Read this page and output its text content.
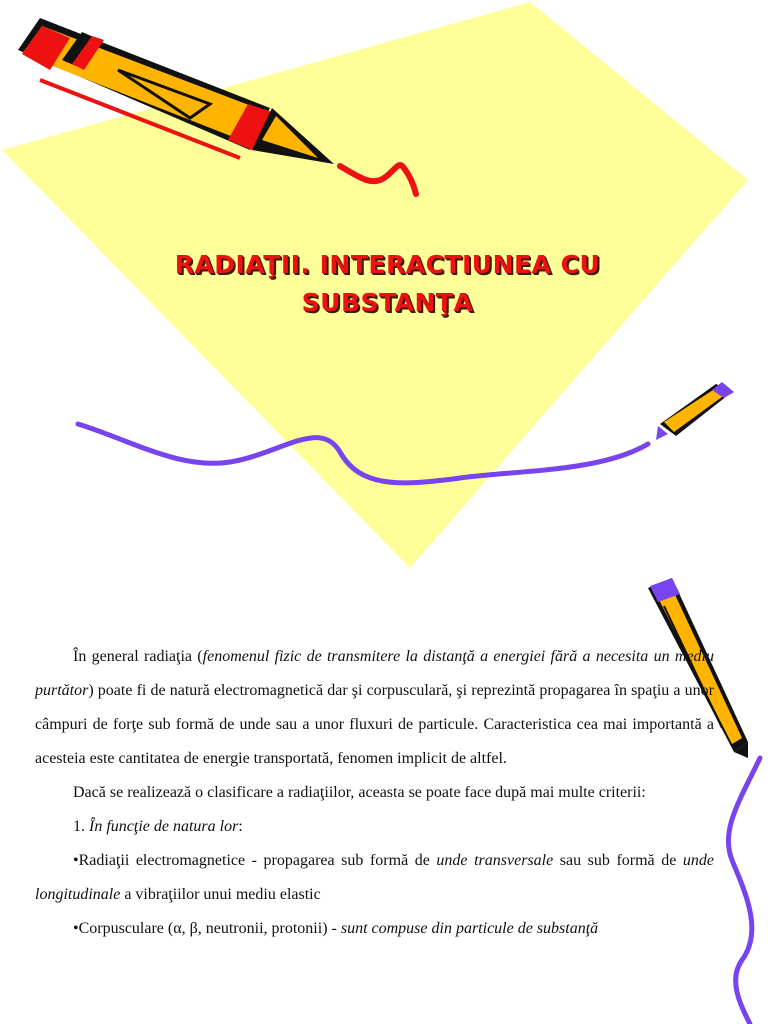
RADIAŢII. INTERACTIUNEA CU
SUBSTANŢA

În general radiaţia (fenomenul fizic de transmitere la distanţă a energiei fără a necesita un mediu purtător) poate fi de natură electromagnetică dar şi corpusculară, şi reprezintă propagarea în spaţiu a unor câmpuri de forţe sub formă de unde sau a unor fluxuri de particule. Caracteristica cea mai importantă a acesteia este cantitatea de energie transportată, fenomen implicit de altfel.

Dacă se realizează o clasificare a radiaţiilor, aceasta se poate face după mai multe criterii:

1. În funcţie de natura lor:

•Radiaţii electromagnetice - propagarea sub formă de unde transversale sau sub formă de unde longitudinale a vibraţiilor unui mediu elastic

•Corpusculare (α, β, neutronii, protonii) - sunt compuse din particule de substanţă
